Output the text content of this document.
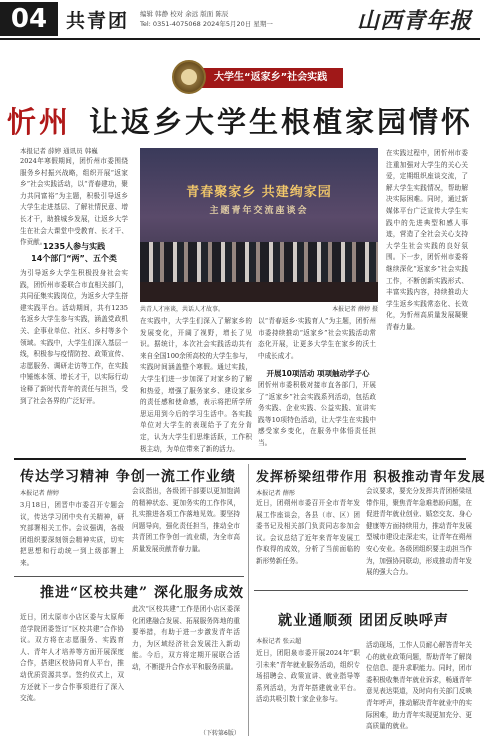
04 共青团 编辑 韩静 校对 余远 版面 陈辰
Tel: 0351-4075068 2024年5月20日 星期一	山西青年报
大学生“返家乡”社会实践
忻州 让返乡大学生根植家园情怀
本报记者 薛婷 通讯员 韩巍
2024年寒假期间，团忻州市委围绕服务乡村振兴战略，组织开展“返家乡”社会实践活动，以“青春建功，聚力共同富裕”为主题，积极引导返乡大学生走进基层、了解社情民意、增长才干，助推城乡发展，让返乡大学生在社会大课堂中受教育、长才干、作贡献。
1235人参与实践
14个部门“两”、五个类
为引导返乡大学生积极投身社会实践，团忻州市委联合市直相关部门，共同征集实践岗位，为返乡大学生搭建实践平台。活动期间，共有1235名返乡大学生参与实践，涵盖党政机关、企事业单位、社区、乡村等多个领域。实践中，大学生们深入基层一线，积极参与疫情防控、政策宣传、志愿服务、调研走访等工作，在实践中锤炼本领、增长才干，以实际行动诠释了新时代青年的责任与担当，受到了社会各界的广泛好评。
青春聚家乡 共建绚家园
主题青年交流座谈会
共青人才座谈，共话人才故事。	本报记者 薛婷 摄
在实践中，大学生们深入了解家乡的发展变化，开阔了视野，增长了见识。据统计，本次社会实践活动共有来自全国100余所高校的大学生参与，实践时间涵盖整个寒假。通过实践，大学生们进一步加深了对家乡的了解和热爱，增强了服务家乡、建设家乡的责任感和使命感，表示将把所学所思运用到今后的学习生活中。各实践单位对大学生的表现给予了充分肯定，认为大学生们思维活跃，工作积极主动，为单位带来了新的活力。
以“青春返乡·实践育人”为主题，团忻州市委持续推动“返家乡”社会实践活动常态化开展，让更多大学生在家乡的沃土中成长成才。
开展10项活动 项项触动学子心
团忻州市委积极对接市直各部门，开展了“返家乡”社会实践系列活动，包括政务实践、企业实践、公益实践、宣讲实践等10项特色活动，让大学生在实践中感受家乡变化，在服务中体悟责任担当。
在实践过程中，团忻州市委注重加强对大学生的关心关爱，定期组织座谈交流，了解大学生实践情况，帮助解决实际困难。同时，通过新媒体平台广泛宣传大学生实践中的先进典型和感人事迹，营造了全社会关心支持大学生社会实践的良好氛围。下一步，团忻州市委将继续深化“返家乡”社会实践工作，不断创新实践形式、丰富实践内容，持续推动大学生返乡实践常态化、长效化，为忻州高质量发展凝聚青春力量。
传达学习精神 争创一流工作业绩
本报记者 薛婷
3月18日，团晋中市委召开专题会议，传达学习团中央有关精神，研究部署相关工作。会议强调，各级团组织要深刻领会精神实质，切实把思想和行动统一到上级部署上来。
会议指出，各级团干部要以更加饱满的精神状态、更加务实的工作作风，扎实推进各项工作落地见效。要坚持问题导向，强化责任担当，推动全市共青团工作争创一流业绩，为全市高质量发展贡献青春力量。
发挥桥梁纽带作用 积极推动青年发展
本报记者 薛彤
近日，团朔州市委召开全市青年发展工作座谈会，各县（市、区）团委书记及相关部门负责同志参加会议。会议总结了近年来青年发展工作取得的成效，分析了当前面临的新形势新任务。
会议要求，要充分发挥共青团桥梁纽带作用，聚焦青年急难愁盼问题，在促进青年就业创业、婚恋交友、身心健康等方面持续用力，推动青年发展型城市建设走深走实，让青年在朔州安心安业。各级团组织要主动担当作为，加强协同联动，形成推动青年发展的强大合力。
推进“区校共建” 深化服务成效
近日，团太原市小店区委与太原师范学院团委签订“区校共建”合作协议。双方将在志愿服务、实践育人、青年人才培养等方面开展深度合作，搭建区校协同育人平台，推动优质资源共享。签约仪式上，双方还就下一步合作事项进行了深入交流。
此次“区校共建”工作是团小店区委深化团建融合发展、拓展服务阵地的重要举措，有助于进一步激发青年活力，为区域经济社会发展注入新动能。今后，双方将定期开展联合活动，不断提升合作水平和服务质量。
（下转第6版）
就业通顺颈 团团反映呼声
本报记者 张云超
近日，团阳泉市委开展2024年“职引未来”青年就业服务活动，组织专场招聘会、政策宣讲、就业指导等系列活动，为青年搭建就业平台。活动共吸引数十家企业参与。
活动现场，工作人员耐心解答青年关心的就业政策问题，帮助青年了解岗位信息、提升求职能力。同时，团市委积极收集青年就业诉求，畅通青年意见表达渠道，及时向有关部门反映青年呼声，推动解决青年就业中的实际困难，助力青年实现更加充分、更高质量的就业。
